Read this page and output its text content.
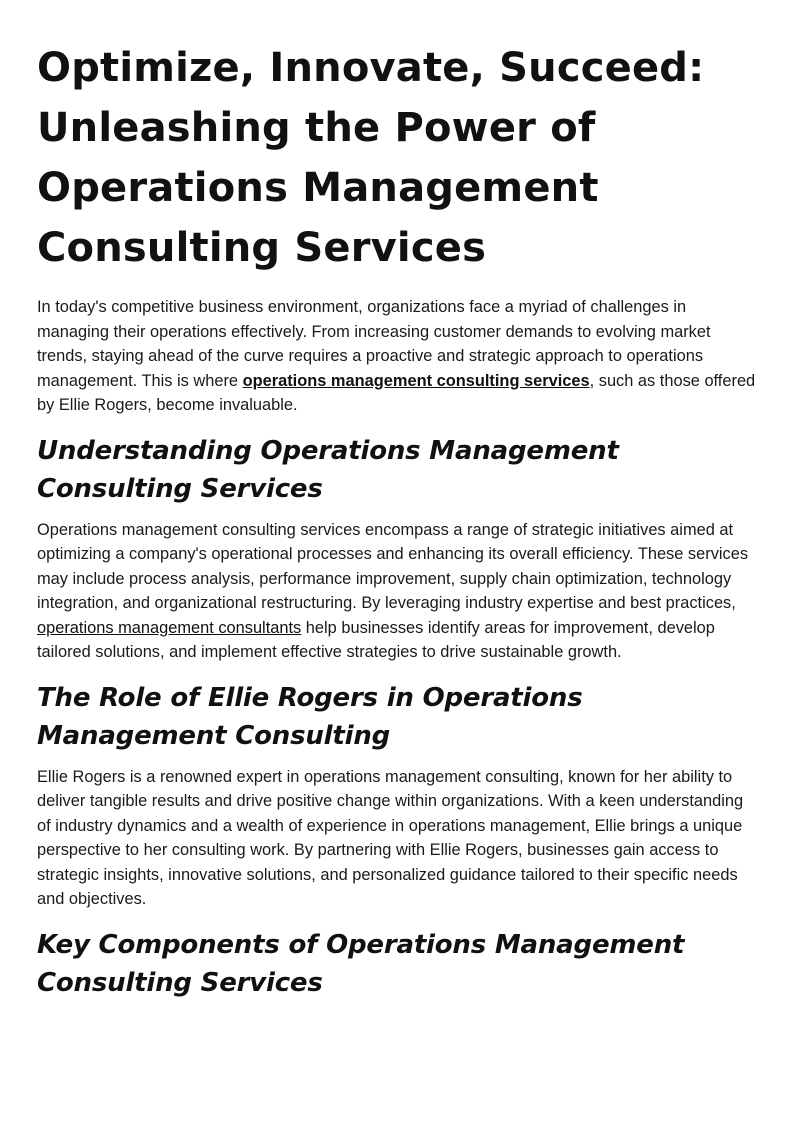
Optimize, Innovate, Succeed: Unleashing the Power of Operations Management Consulting Services

In today's competitive business environment, organizations face a myriad of challenges in managing their operations effectively. From increasing customer demands to evolving market trends, staying ahead of the curve requires a proactive and strategic approach to operations management. This is where operations management consulting services, such as those offered by Ellie Rogers, become invaluable.

Understanding Operations Management Consulting Services

Operations management consulting services encompass a range of strategic initiatives aimed at optimizing a company's operational processes and enhancing its overall efficiency. These services may include process analysis, performance improvement, supply chain optimization, technology integration, and organizational restructuring. By leveraging industry expertise and best practices, operations management consultants help businesses identify areas for improvement, develop tailored solutions, and implement effective strategies to drive sustainable growth.

The Role of Ellie Rogers in Operations Management Consulting

Ellie Rogers is a renowned expert in operations management consulting, known for her ability to deliver tangible results and drive positive change within organizations. With a keen understanding of industry dynamics and a wealth of experience in operations management, Ellie brings a unique perspective to her consulting work. By partnering with Ellie Rogers, businesses gain access to strategic insights, innovative solutions, and personalized guidance tailored to their specific needs and objectives.

Key Components of Operations Management Consulting Services
